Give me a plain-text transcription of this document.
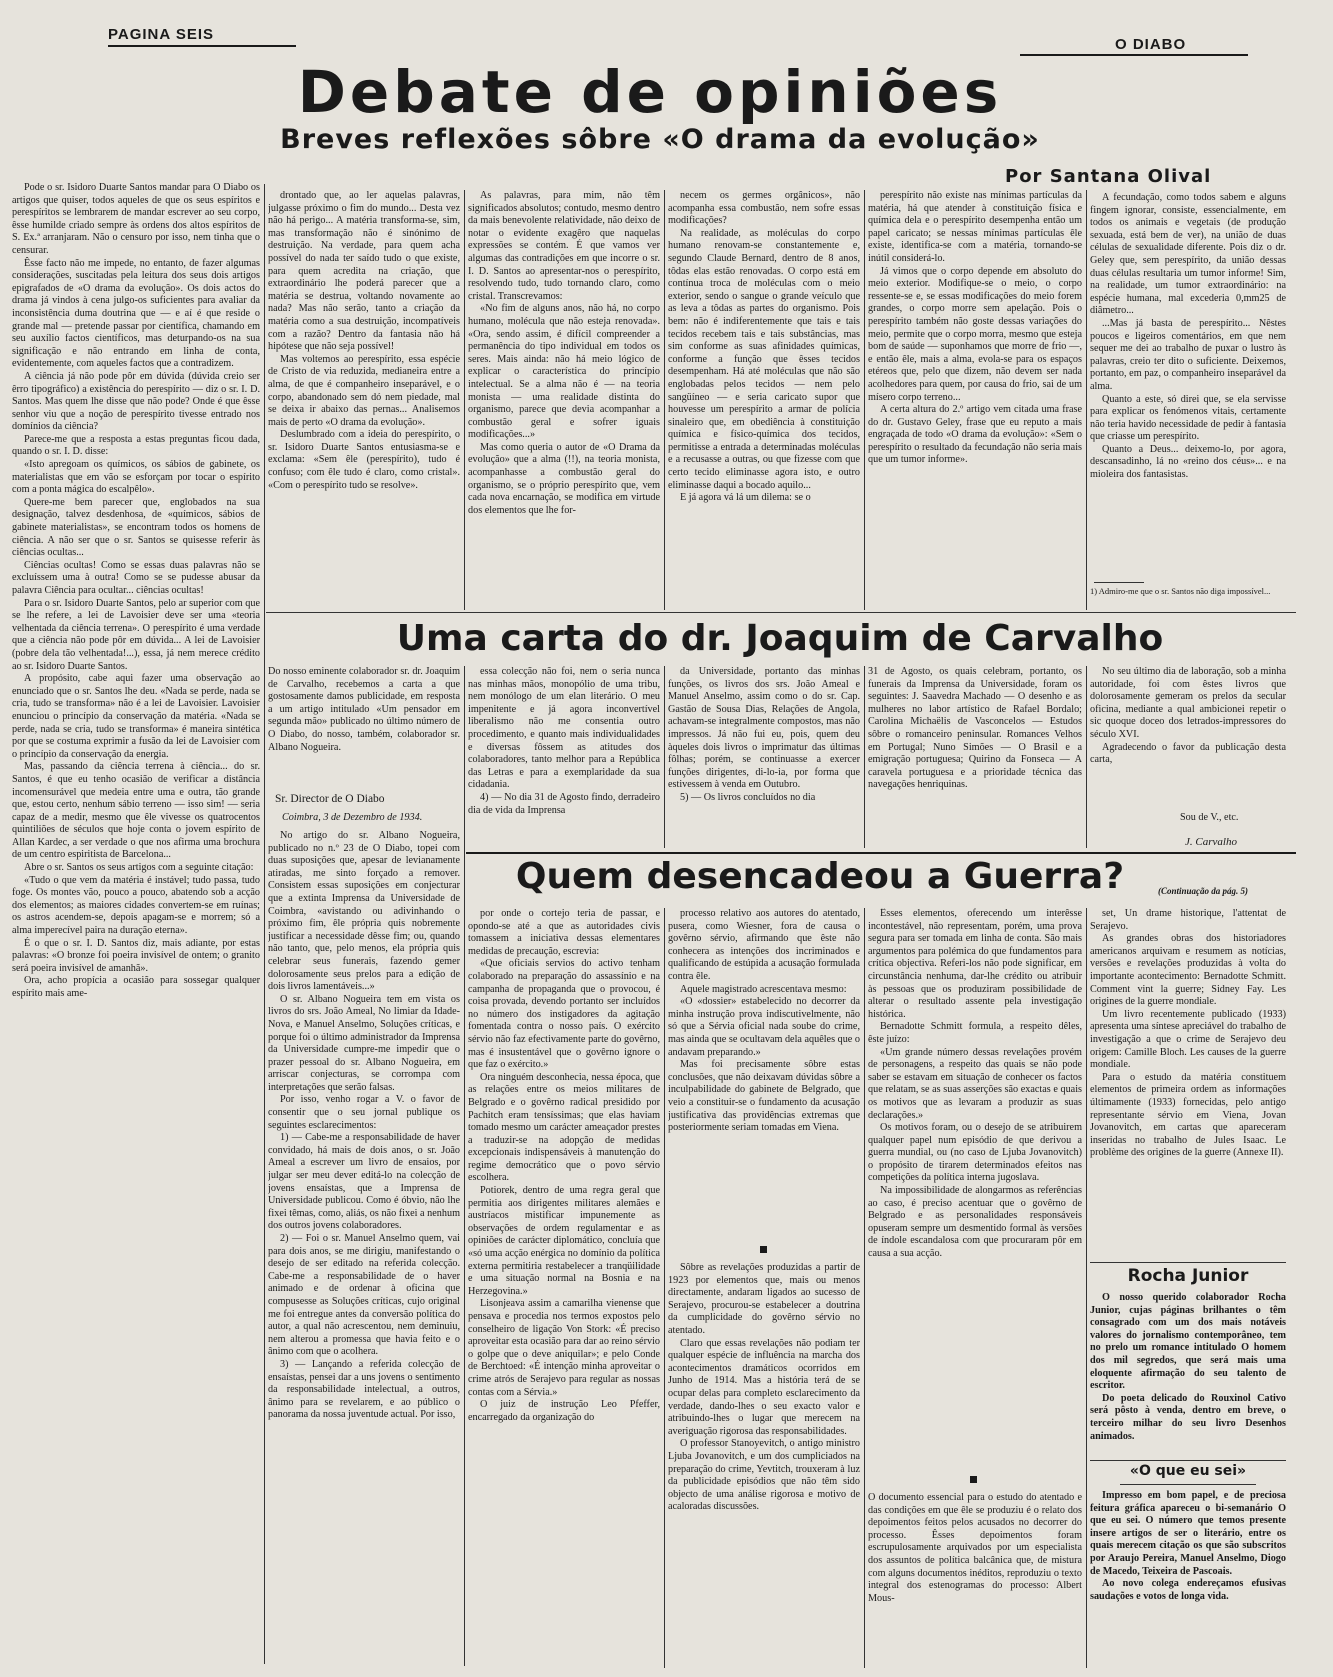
PAGINA SEIS
O DIABO
Debate de opiniões
Breves reflexões sôbre «O drama da evolução»
Por Santana Olival

Pode o sr. Isidoro Duarte Santos mandar para O Diabo os artigos que quiser, todos aqueles de que os seus espíritos e perespíritos se lembrarem de mandar escrever ao seu corpo, êsse humilde criado sempre às ordens dos altos espíritos de S. Ex.ª arranjaram. Não o censuro por isso, nem tinha que o censurar.

Êsse facto não me impede, no entanto, de fazer algumas considerações, suscitadas pela leitura dos seus dois artigos epigrafados de «O drama da evolução». Os dois actos do drama já vindos à cena julgo-os suficientes para avaliar da inconsistência duma doutrina que — e aí é que reside o grande mal — pretende passar por científica, chamando em seu auxílio factos científicos, mas deturpando-os na sua significação e não entrando em linha de conta, evidentemente, com aqueles factos que a contradizem.

A ciência já não pode pôr em dúvida (dúvida creio ser êrro tipográfico) a existência do perespírito — diz o sr. I. D. Santos. Mas quem lhe disse que não pode? Onde é que êsse senhor viu que a noção de perespírito tivesse entrado nos domínios da ciência?

Parece-me que a resposta a estas preguntas ficou dada, quando o sr. I. D. disse:

«Isto apregoam os químicos, os sábios de gabinete, os materialistas que em vão se esforçam por tocar o espírito com a ponta mágica do escalpêlo».

Quere-me bem parecer que, englobados na sua designação, talvez desdenhosa, de «químicos, sábios de gabinete materialistas», se encontram todos os homens de ciência. A não ser que o sr. Santos se quisesse referir às ciências ocultas...

Ciências ocultas! Como se essas duas palavras não se excluíssem uma à outra! Como se se pudesse abusar da palavra Ciência para ocultar... ciências ocultas!

Para o sr. Isidoro Duarte Santos, pelo ar superior com que se lhe refere, a lei de Lavoisier deve ser uma «teoria velhentada da ciência terrena». O perespírito é uma verdade que a ciência não pode pôr em dúvida... A lei de Lavoisier (pobre dela tão velhentada!...), essa, já nem merece crédito ao sr. Isidoro Duarte Santos.

A propósito, cabe aqui fazer uma observação ao enunciado que o sr. Santos lhe deu. «Nada se perde, nada se cria, tudo se transforma» não é a lei de Lavoisier. Lavoisier enunciou o princípio da conservação da matéria. «Nada se perde, nada se cria, tudo se transforma» é maneira sintética por que se costuma exprimir a fusão da lei de Lavoisier com o princípio da conservação da energia.

Mas, passando da ciência terrena à ciência... do sr. Santos, é que eu tenho ocasião de verificar a distância incomensurável que medeia entre uma e outra, tão grande que, estou certo, nenhum sábio terreno — isso sim! — seria capaz de a medir, mesmo que êle vivesse os quatrocentos quintiliões de séculos que hoje conta o jovem espírito de Allan Kardec, a ser verdade o que nos afirma uma brochura de um centro espiritista de Barcelona...

Abre o sr. Santos os seus artigos com a seguinte citação:

«Tudo o que vem da matéria é instável; tudo passa, tudo foge. Os montes vão, pouco a pouco, abatendo sob a acção dos elementos; as maiores cidades convertem-se em ruínas; os astros acendem-se, depois apagam-se e morrem; só a alma imperecível paira na duração eterna».

É o que o sr. I. D. Santos diz, mais adiante, por estas palavras: «O bronze foi poeira invisível de ontem; o granito será poeira invisível de amanhã».

Ora, acho propícia a ocasião para sossegar qualquer espírito mais ame-

drontado que, ao ler aquelas palavras, julgasse próximo o fim do mundo... Desta vez não há perigo... A matéria transforma-se, sim, mas transformação não é sinónimo de destruição. Na verdade, para quem acha possível do nada ter saído tudo o que existe, para quem acredita na criação, que extraordinário lhe poderá parecer que a matéria se destrua, voltando novamente ao nada? Mas não serão, tanto a criação da matéria como a sua destruição, incompatíveis com a razão? Dentro da fantasia não há hipótese que não seja possível!

Mas voltemos ao perespírito, essa espécie de Cristo de via reduzida, medianeira entre a alma, de que é companheiro inseparável, e o corpo, abandonado sem dó nem piedade, mal se deixa ir abaixo das pernas... Analisemos mais de perto «O drama da evolução».

Deslumbrado com a ideia do perespírito, o sr. Isidoro Duarte Santos entusiasma-se e exclama: «Sem êle (perespírito), tudo é confuso; com êle tudo é claro, como cristal». «Com o perespírito tudo se resolve».

As palavras, para mim, não têm significados absolutos; contudo, mesmo dentro da mais benevolente relatividade, não deixo de notar o evidente exagêro que naquelas expressões se contém. É que vamos ver algumas das contradições em que incorre o sr. I. D. Santos ao apresentar-nos o perespírito, resolvendo tudo, tudo tornando claro, como cristal. Transcrevamos:

«No fim de alguns anos, não há, no corpo humano, molécula que não esteja renovada». «Ora, sendo assim, é difícil compreender a permanência do tipo individual em todos os seres. Mais ainda: não há meio lógico de explicar o característica do princípio intelectual. Se a alma não é — na teoria monista — uma realidade distinta do organismo, parece que devia acompanhar a combustão geral e sofrer iguais modificações...»

Mas como queria o autor de «O Drama da evolução» que a alma (!!), na teoria monista, acompanhasse a combustão geral do organismo, se o próprio perespírito que, vem cada nova encarnação, se modifica em virtude dos elementos que lhe for-

necem os germes orgânicos», não acompanha essa combustão, nem sofre essas modificações?

Na realidade, as moléculas do corpo humano renovam-se constantemente e, segundo Claude Bernard, dentro de 8 anos, tôdas elas estão renovadas. O corpo está em contínua troca de moléculas com o meio exterior, sendo o sangue o grande veículo que as leva a tôdas as partes do organismo. Pois bem: não é indiferentemente que tais e tais tecidos recebem tais e tais substâncias, mas sim conforme as suas afinidades químicas, conforme a função que êsses tecidos desempenham. Há até moléculas que não são englobadas pelos tecidos — nem pelo sangüíneo — e seria caricato supor que houvesse um perespírito a armar de polícia sinaleiro que, em obediência à constituição química e físico-química dos tecidos, permitisse a entrada a determinadas moléculas e a recusasse a outras, ou que fizesse com que certo tecido eliminasse agora isto, e outro eliminasse daqui a bocado aquilo...

E já agora vá lá um dilema: se o

perespírito não existe nas mínimas partículas da matéria, há que atender à constituição física e química dela e o perespírito desempenha então um papel caricato; se nessas mínimas partículas êle existe, identifica-se com a matéria, tornando-se inútil considerá-lo.

Já vimos que o corpo depende em absoluto do meio exterior. Modifique-se o meio, o corpo ressente-se e, se essas modificações do meio forem grandes, o corpo morre sem apelação. Pois o perespírito também não goste dessas variações do meio, permite que o corpo morra, mesmo que esteja bom de saúde — suponhamos que morre de frio —, e então êle, mais a alma, evola-se para os espaços etéreos que, pelo que dizem, não devem ser nada acolhedores para quem, por causa do frio, sai de um mísero corpo terreno...

A certa altura do 2.º artigo vem citada uma frase do dr. Gustavo Geley, frase que eu reputo a mais engraçada de todo «O drama da evolução»: «Sem o perespírito o resultado da fecundação não seria mais que um tumor informe».

A fecundação, como todos sabem e alguns fingem ignorar, consiste, essencialmente, em todos os animais e vegetais (de produção sexuada, está bem de ver), na união de duas células de sexualidade diferente. Pois diz o dr. Geley que, sem perespírito, da união dessas duas células resultaria um tumor informe! Sim, na realidade, um tumor extraordinário: na espécie humana, mal excederia 0,mm25 de diâmetro...

...Mas já basta de perespírito... Nêstes poucos e ligeiros comentários, em que nem sequer me dei ao trabalho de puxar o lustro às palavras, creio ter dito o suficiente. Deixemos, portanto, em paz, o companheiro inseparável da alma.

Quanto a este, só direi que, se ela servisse para explicar os fenómenos vitais, certamente não teria havido necessidade de pedir à fantasia que criasse um perespírito.

Quanto a Deus... deixemo-lo, por agora, descansadinho, lá no «reino dos céus»... e na mioleira dos fantasistas.

1) Admiro-me que o sr. Santos não diga impossível...
Uma carta do dr. Joaquim de Carvalho
Do nosso eminente colaborador sr. dr. Joaquim de Carvalho, recebemos a carta a que gostosamente damos publicidade, em resposta a um artigo intitulado «Um pensador em segunda mão» publicado no último número de O Diabo, do nosso, também, colaborador sr. Albano Nogueira.
Sr. Director de O Diabo
Coimbra, 3 de Dezembro de 1934.

No artigo do sr. Albano Nogueira, publicado no n.º 23 de O Diabo, topei com duas suposições que, apesar de levianamente atiradas, me sinto forçado a remover. Consistem essas suposições em conjecturar que a extinta Imprensa da Universidade de Coimbra, «avistando ou adivinhando o próximo fim, êle própria quis nobremente justificar a necessidade dêsse fim; ou, quando não tanto, que, pelo menos, ela própria quis celebrar seus funerais, fazendo gemer dolorosamente seus prelos para a edição de dois livros lamentáveis...»

O sr. Albano Nogueira tem em vista os livros do srs. João Ameal, No limiar da Idade-Nova, e Manuel Anselmo, Soluções críticas, e porque foi o último administrador da Imprensa da Universidade cumpre-me impedir que o prazer pessoal do sr. Albano Nogueira, em arriscar conjecturas, se corrompa com interpretações que serão falsas.

Por isso, venho rogar a V. o favor de consentir que o seu jornal publique os seguintes esclarecimentos:

1) — Cabe-me a responsabilidade de haver convidado, há mais de dois anos, o sr. João Ameal a escrever um livro de ensaios, por julgar ser meu dever editá-lo na colecção de jovens ensaístas, que a Imprensa de Universidade publicou. Como é óbvio, não lhe fixei têmas, como, aliás, os não fixei a nenhum dos outros jovens colaboradores.

2) — Foi o sr. Manuel Anselmo quem, vai para dois anos, se me dirigiu, manifestando o desejo de ser editado na referida colecção. Cabe-me a responsabilidade de o haver animado e de ordenar à oficina que compusesse as Soluções críticas, cujo original me foi entregue antes da conversão política do autor, a qual não acrescentou, nem deminuiu, nem alterou a promessa que havia feito e o ânimo com que o acolhera.

3) — Lançando a referida colecção de ensaístas, pensei dar a uns jovens o sentimento da responsabilidade intelectual, a outros, ânimo para se revelarem, e ao público o panorama da nossa juventude actual. Por isso,

essa colecção não foi, nem o seria nunca nas minhas mãos, monopólio de uma tribu, nem monólogo de um elan literário. O meu impenitente e já agora inconvertível liberalismo não me consentia outro procedimento, e quanto mais individualidades e diversas fôssem as atitudes dos colaboradores, tanto melhor para a República das Letras e para a exemplaridade da sua cidadania.

4) — No dia 31 de Agosto findo, derradeiro dia de vida da Imprensa

da Universidade, portanto das minhas funções, os livros dos srs. João Ameal e Manuel Anselmo, assim como o do sr. Cap. Gastão de Sousa Dias, Relações de Angola, achavam-se integralmente compostos, mas não impressos. Já não fui eu, pois, quem deu àqueles dois livros o imprimatur das últimas fôlhas; porém, se continuasse a exercer funções dirigentes, di-lo-ia, por forma que estivessem à venda em Outubro.

5) — Os livros concluídos no dia

31 de Agosto, os quais celebram, portanto, os funerais da Imprensa da Universidade, foram os seguintes: J. Saavedra Machado — O desenho e as mulheres no labor artístico de Rafael Bordalo; Carolina Michaëlis de Vasconcelos — Estudos sôbre o romanceiro peninsular. Romances Velhos em Portugal; Nuno Simões — O Brasil e a emigração portuguesa; Quirino da Fonseca — A caravela portuguesa e a prioridade técnica das navegações henriquinas.

No seu último dia de laboração, sob a minha autoridade, foi com êstes livros que dolorosamente gemeram os prelos da secular oficina, mediante a qual ambicionei repetir o sic quoque doceo dos letrados-impressores do século XVI.

Agradecendo o favor da publicação desta carta,

Sou de V., etc.
J. Carvalho
Quem desencadeou a Guerra?	(Continuação da pág. 5)

por onde o cortejo teria de passar, e opondo-se até a que as autoridades civis tomassem a iniciativa dessas elementares medidas de precaução, escrevia:

«Que oficiais servios do activo tenham colaborado na preparação do assassínio e na campanha de propaganda que o provocou, é coisa provada, devendo portanto ser incluídos no número dos instigadores da agitação fomentada contra o nosso país. O exército sérvio não faz efectivamente parte do govêrno, mas é insustentável que o govêrno ignore o que faz o exército.»

Ora ninguém desconhecia, nessa época, que as relações entre os meios militares de Belgrado e o govêrno radical presidido por Pachitch eram tensíssimas; que elas haviam tomado mesmo um carácter ameaçador prestes a traduzir-se na adopção de medidas excepcionais indispensáveis à manutenção do regime democrático que o povo sérvio escolhera.

Potiorek, dentro de uma regra geral que permitia aos dirigentes militares alemães e austríacos mistificar impunemente as observações de ordem regulamentar e as opiniões de carácter diplomático, concluía que «só uma acção enérgica no domínio da política externa permitiria restabelecer a tranqüilidade e uma situação normal na Bosnia e na Herzegovina.»

Lisonjeava assim a camarilha vienense que pensava e procedia nos termos expostos pelo conselheiro de ligação Von Stork: «É preciso aproveitar esta ocasião para dar ao reino sérvio o golpe que o deve aniquilar»; e pelo Conde de Berchtoed: «É intenção minha aproveitar o crime atrós de Serajevo para regular as nossas contas com a Sérvia.»

O juiz de instrução Leo Pfeffer, encarregado da organização do

processo relativo aos autores do atentado, pusera, como Wiesner, fora de causa o govêrno sérvio, afirmando que êste não conhecera as intenções dos incriminados e qualificando de estúpida a acusação formulada contra êle.

Aquele magistrado acrescentava mesmo:

«O «dossier» estabelecido no decorrer da minha instrução prova indiscutivelmente, não só que a Sérvia oficial nada soube do crime, mas ainda que se ocultavam dela aquêles que o andavam preparando.»

Mas foi precisamente sôbre estas conclusões, que não deixavam dúvidas sôbre a inculpabilidade do gabinete de Belgrado, que veio a constituir-se o fundamento da acusação justificativa das providências extremas que posteriormente seriam tomadas em Viena.

Sôbre as revelações produzidas a partir de 1923 por elementos que, mais ou menos directamente, andaram ligados ao sucesso de Serajevo, procurou-se estabelecer a doutrina da cumplicidade do govêrno sérvio no atentado.

Claro que essas revelações não podiam ter qualquer espécie de influência na marcha dos acontecimentos dramáticos ocorridos em Junho de 1914. Mas a história terá de se ocupar delas para completo esclarecimento da verdade, dando-lhes o seu exacto valor e atribuindo-lhes o lugar que merecem na averiguação rigorosa das responsabilidades.

O professor Stanoyevitch, o antigo ministro Ljuba Jovanovitch, e um dos cumpliciados na preparação do crime, Yevtitch, trouxeram à luz da publicidade episódios que não têm sido objecto de uma análise rigorosa e motivo de acaloradas discussões.

Êsses elementos, oferecendo um interêsse incontestável, não representam, porém, uma prova segura para ser tomada em linha de conta. São mais argumentos para polémica do que fundamentos para crítica objectiva. Referi-los não pode significar, em circunstância nenhuma, dar-lhe crédito ou atribuir às pessoas que os produziram possibilidade de alterar o resultado assente pela investigação histórica.

Bernadotte Schmitt formula, a respeito dêles, êste juízo:

«Um grande número dessas revelações provém de personagens, a respeito das quais se não pode saber se estavam em situação de conhecer os factos que relatam, se as suas asserções são exactas e quais os motivos que as levaram a produzir as suas declarações.»

Os motivos foram, ou o desejo de se atribuirem qualquer papel num episódio de que derivou a guerra mundial, ou (no caso de Ljuba Jovanovitch) o propósito de tirarem determinados efeitos nas competições da política interna jugoslava.

Na impossibilidade de alongarmos as referências ao caso, é preciso acentuar que o govêrno de Belgrado e as personalidades responsáveis opuseram sempre um desmentido formal às versões de índole escandalosa com que procuraram pôr em causa a sua acção.

O documento essencial para o estudo do atentado e das condições em que êle se produziu é o relato dos depoimentos feitos pelos acusados no decorrer do processo. Êsses depoimentos foram escrupulosamente arquivados por um especialista dos assuntos de política balcânica que, de mistura com alguns documentos inéditos, reproduziu o texto integral dos estenogramas do processo: Albert Mous-

set, Un drame historique, l'attentat de Serajevo.

As grandes obras dos historiadores americanos arquivam e resumem as notícias, versões e revelações produzidas à volta do importante acontecimento: Bernadotte Schmitt. Comment vint la guerre; Sidney Fay. Les origines de la guerre mondiale.

Um livro recentemente publicado (1933) apresenta uma síntese apreciável do trabalho de investigação a que o crime de Serajevo deu origem: Camille Bloch. Les causes de la guerre mondiale.

Para o estudo da matéria constituem elementos de primeira ordem as informações últimamente (1933) fornecidas, pelo antigo representante sérvio em Viena, Jovan Jovanovitch, em cartas que apareceram inseridas no trabalho de Jules Isaac. Le problème des origines de la guerre (Annexe II).

Rocha Junior

O nosso querido colaborador Rocha Junior, cujas páginas brilhantes o têm consagrado com um dos mais notáveis valores do jornalismo contemporâneo, tem no prelo um romance intitulado O homem dos mil segredos, que será mais uma eloquente afirmação do seu talento de escritor.

Do poeta delicado do Rouxinol Cativo será pôsto à venda, dentro em breve, o terceiro milhar do seu livro Desenhos animados.

«O que eu sei»

Impresso em bom papel, e de preciosa feitura gráfica apareceu o bi-semanário O que eu sei. O número que temos presente insere artigos de ser o literário, entre os quais merecem citação os que são subscritos por Araujo Pereira, Manuel Anselmo, Diogo de Macedo, Teixeira de Pascoais.

Ao novo colega endereçamos efusivas saudações e votos de longa vida.
